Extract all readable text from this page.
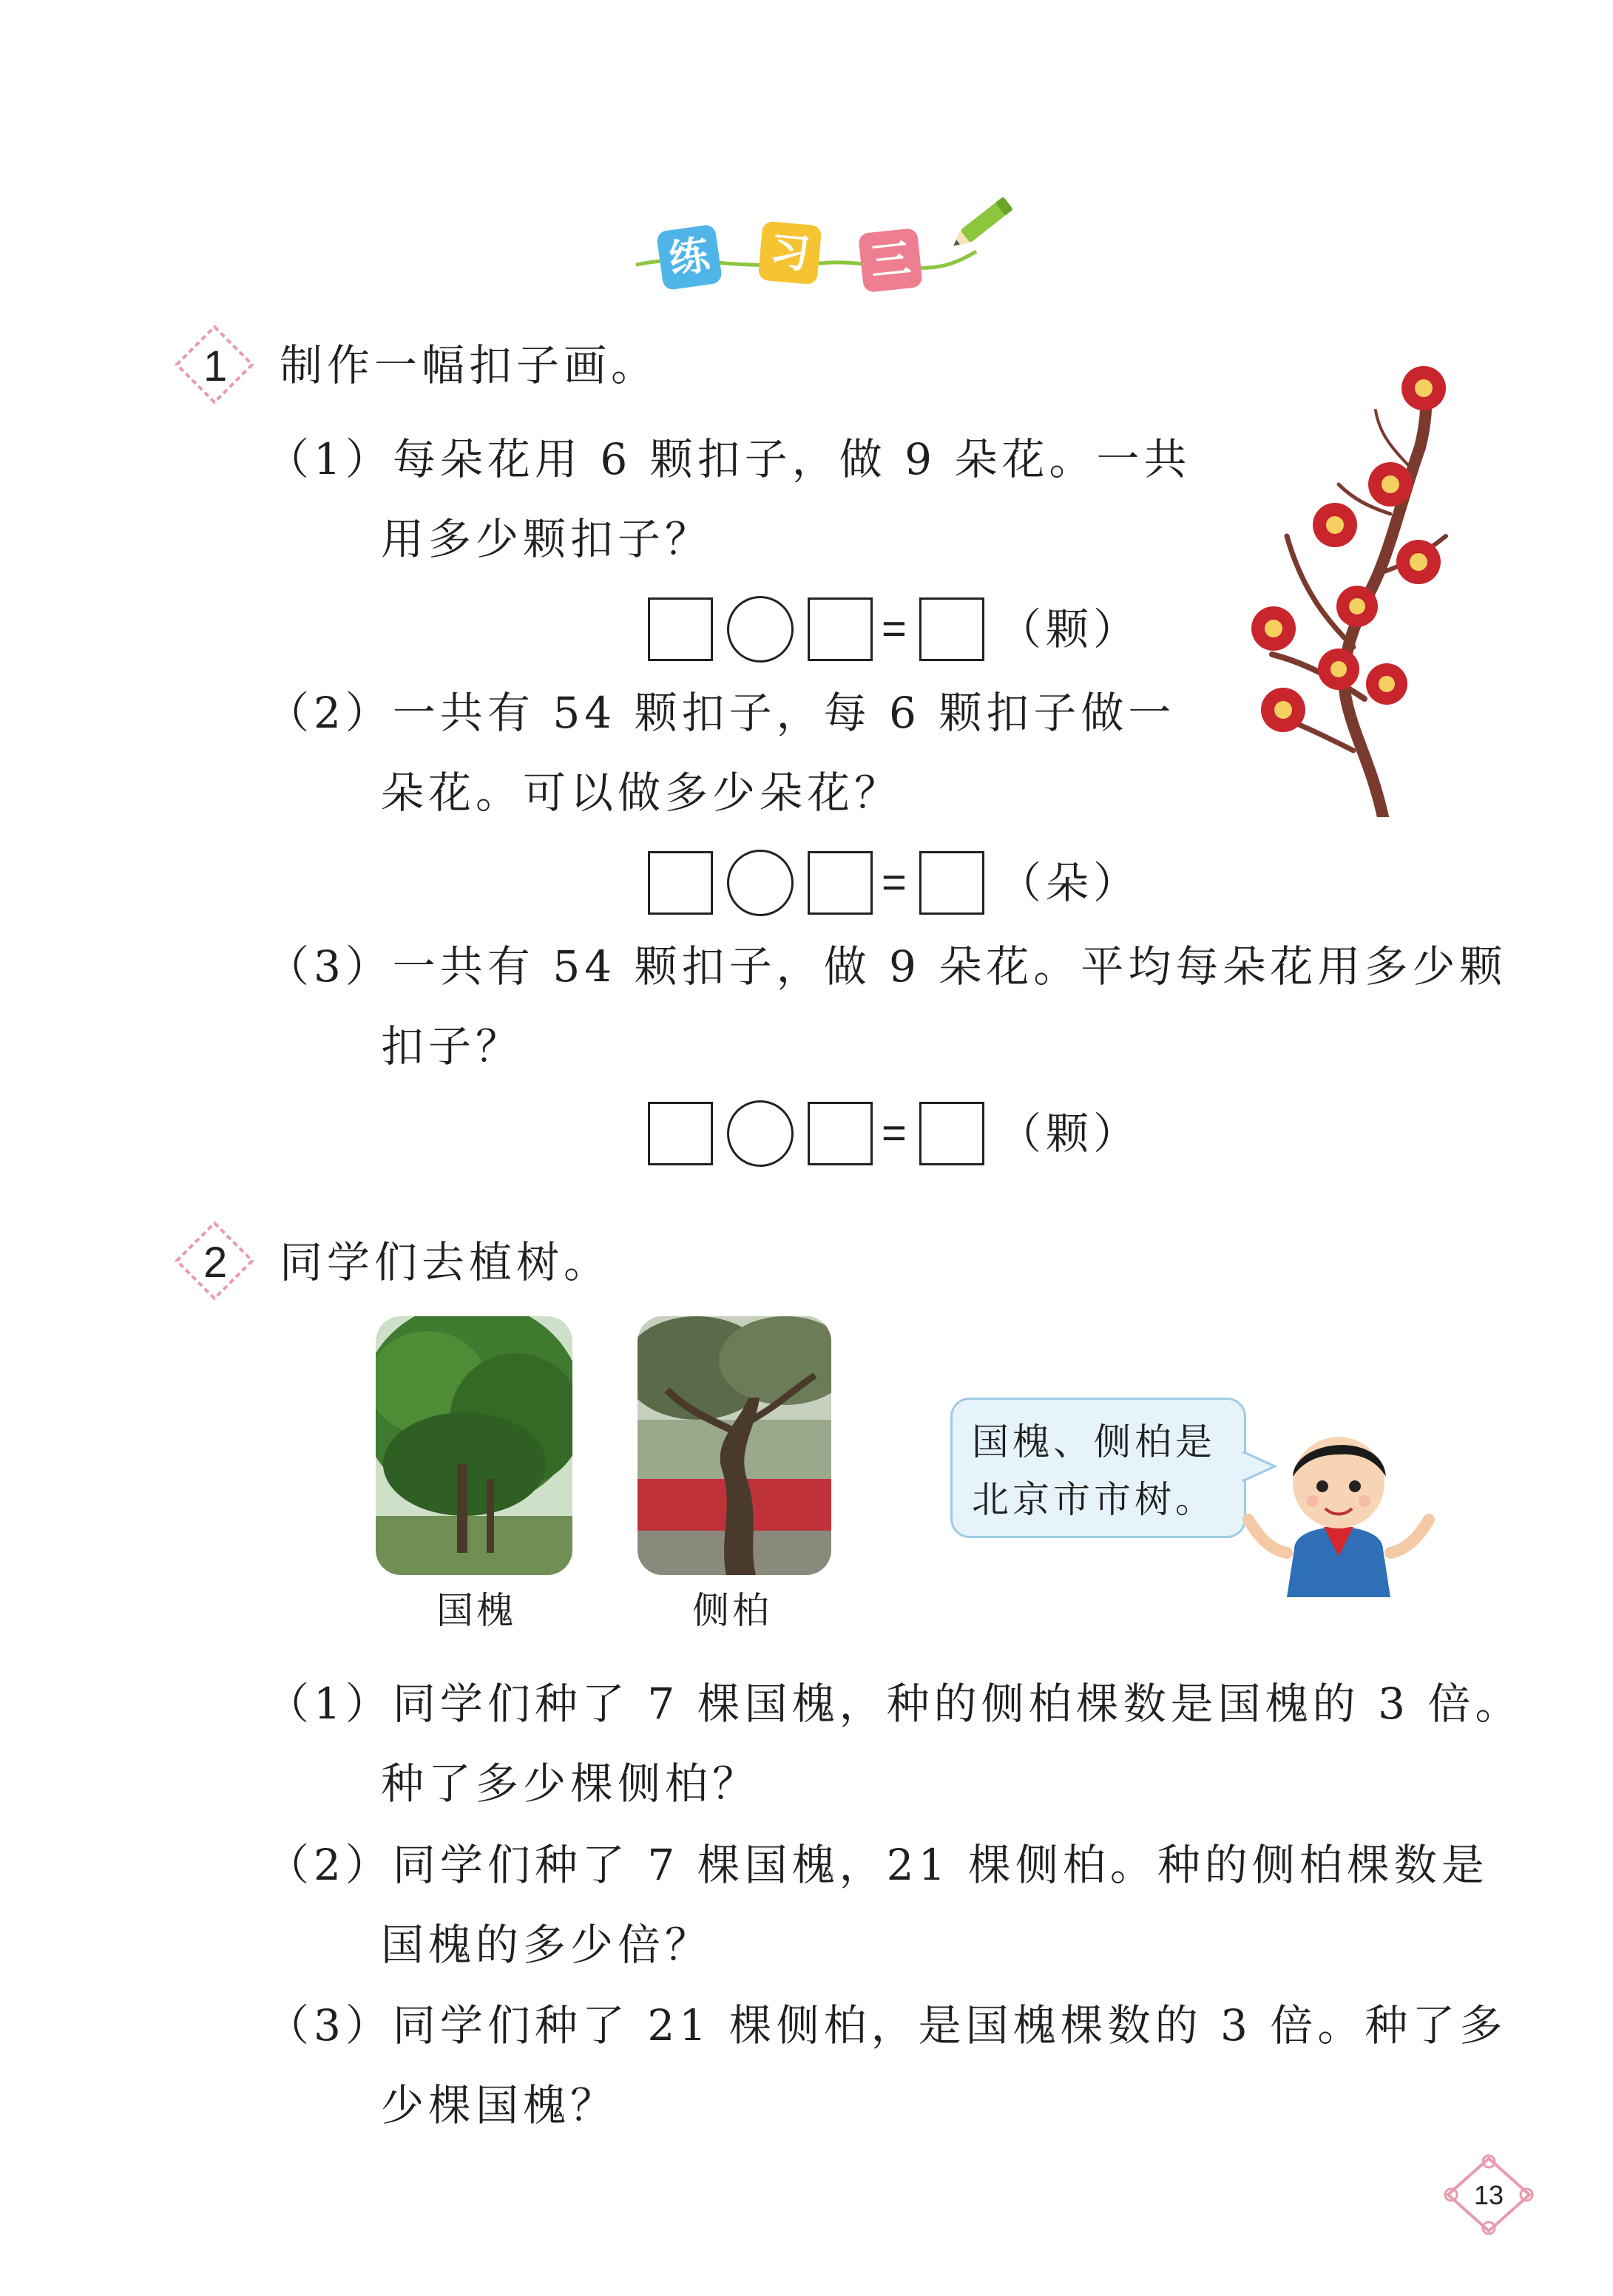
练 习 三
1 制作一幅扣子画。
（1）每朵花用 6 颗扣子，做 9 朵花。一共
用多少颗扣子？
= （颗）
（2）一共有 54 颗扣子，每 6 颗扣子做一
朵花。可以做多少朵花？
= （朵）
（3）一共有 54 颗扣子，做 9 朵花。平均每朵花用多少颗
扣子？
= （颗）
2 同学们去植树。
国槐	侧柏
国槐、侧柏是
北京市市树。
（1）同学们种了 7 棵国槐，种的侧柏棵数是国槐的 3 倍。
种了多少棵侧柏？
（2）同学们种了 7 棵国槐，21 棵侧柏。种的侧柏棵数是
国槐的多少倍？
（3）同学们种了 21 棵侧柏，是国槐棵数的 3 倍。种了多
少棵国槐？
13
